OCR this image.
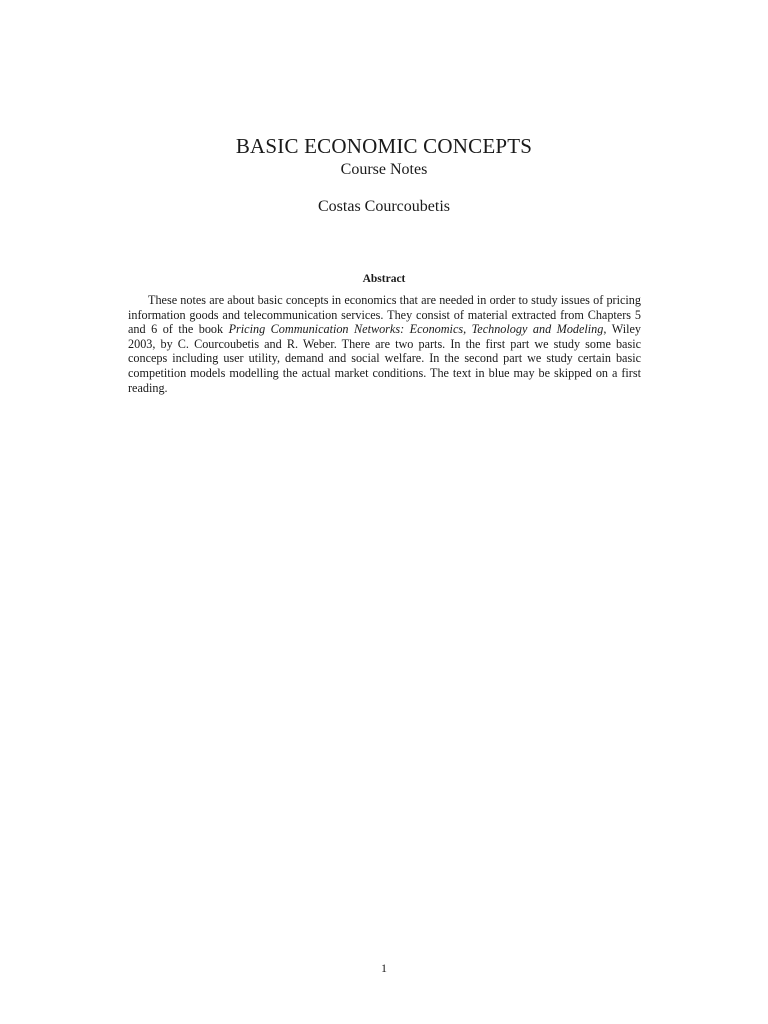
BASIC ECONOMIC CONCEPTS
Course Notes
Costas Courcoubetis
Abstract

These notes are about basic concepts in economics that are needed in order to study issues of pricing information goods and telecommunication services. They consist of material extracted from Chapters 5 and 6 of the book Pricing Communication Networks: Economics, Technology and Modeling, Wiley 2003, by C. Courcoubetis and R. Weber. There are two parts. In the first part we study some basic conceps including user utility, demand and social welfare. In the second part we study certain basic competition models modelling the actual market conditions. The text in blue may be skipped on a first reading.

1
